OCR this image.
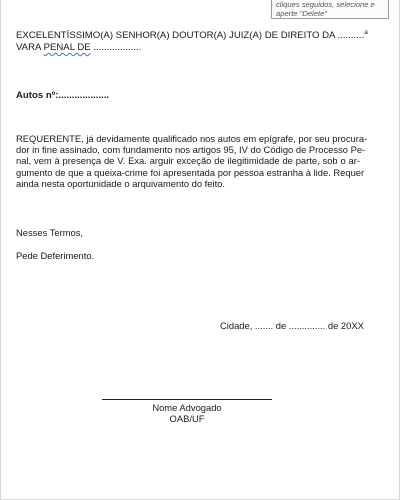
cliques seguidos, selecione e
aperte "Delete"
EXCELENTÍSSIMO(A) SENHOR(A) DOUTOR(A) JUIZ(A) DE DIREITO DA ..........$^a$
VARA PENAL DE ..................
Autos nº:...................
REQUERENTE, já devidamente qualificado nos autos em epígrafe, por seu procura-
dor in fine assinado, com fundamento nos artigos 95, IV do Código de Processo Pe-
nal, vem à presença de V. Exa. arguir exceção de ilegitimidade de parte, sob o ar-
gumento de que a queixa-crime foi apresentada por pessoa estranha à lide. Requer
ainda nesta oportunidade o arquivamento do feito.
Nesses Termos,
Pede Deferimento.
Cidade, ....... de .............. de 20XX
Nome Advogado
OAB/UF
